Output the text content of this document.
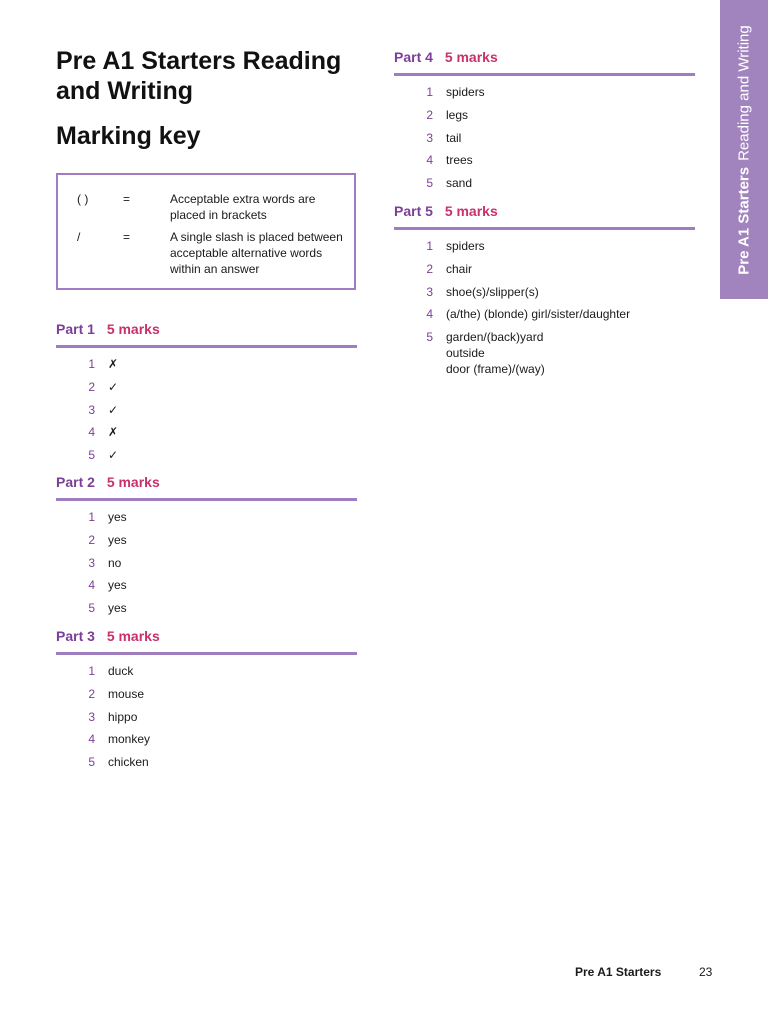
Pre A1 Starters Reading and Writing
Marking key
( )	=	Acceptable extra words are placed in brackets
/	=	A single slash is placed between acceptable alternative words within an answer
Part 1 5 marks
1 ✗
2 ✓
3 ✓
4 ✗
5 ✓
Part 2 5 marks
1 yes
2 yes
3 no
4 yes
5 yes
Part 3 5 marks
1 duck
2 mouse
3 hippo
4 monkey
5 chicken
Part 4 5 marks
1 spiders
2 legs
3 tail
4 trees
5 sand
Part 5 5 marks
1 spiders
2 chair
3 shoe(s)/slipper(s)
4 (a/the) (blonde) girl/sister/daughter
5 garden/(back)yard
outside
door (frame)/(way)
Pre A1 StartersReading and Writing
Pre A1 Starters	23
